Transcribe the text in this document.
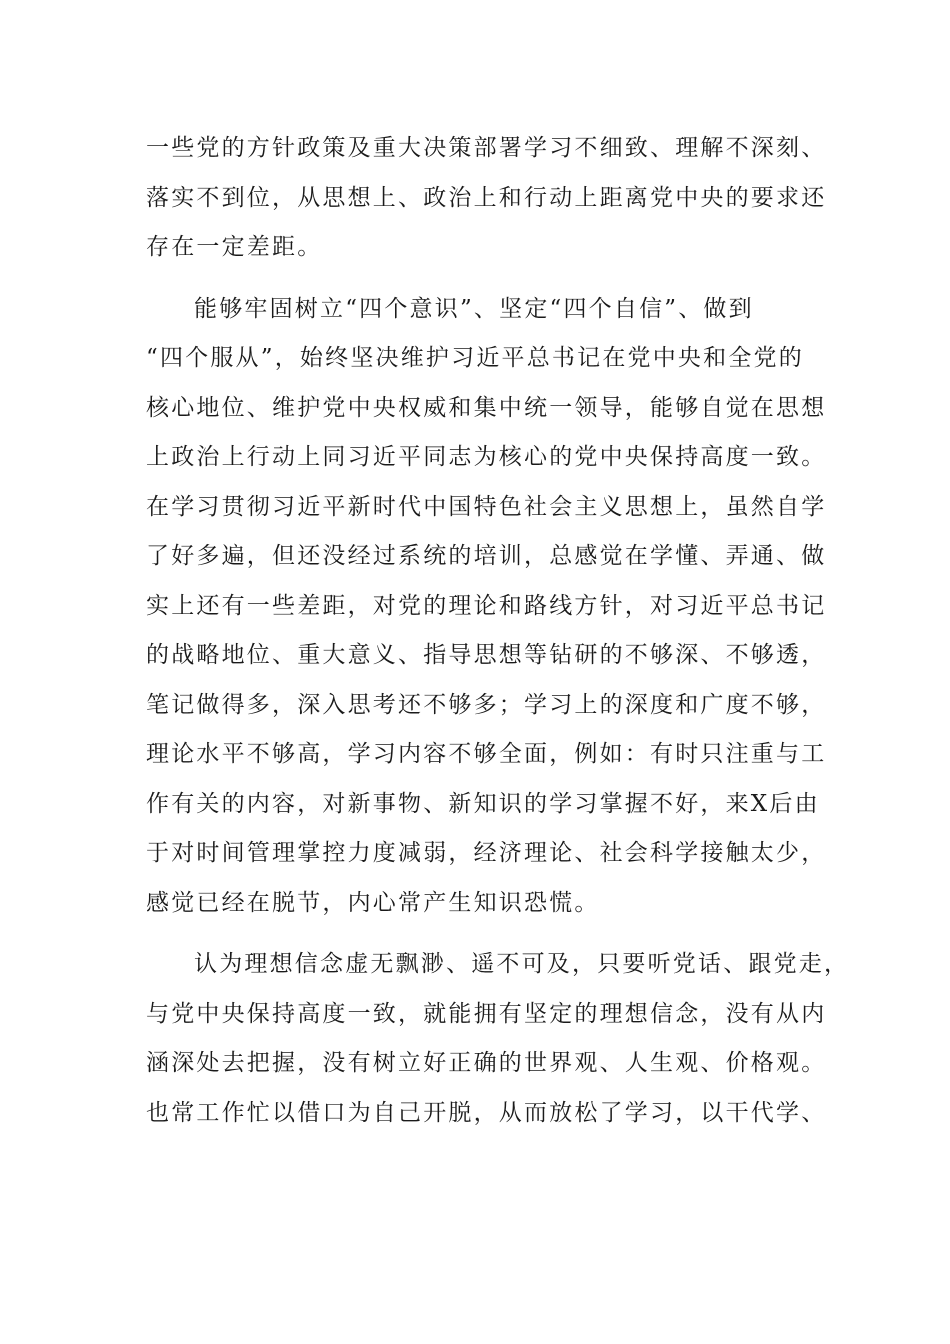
一些党的方针政策及重大决策部署学习不细致、理解不深刻、
落实不到位，从思想上、政治上和行动上距离党中央的要求还
存在一定差距。
能够牢固树立“四个意识”、坚定“四个自信”、做到
“四个服从”，始终坚决维护习近平总书记在党中央和全党的
核心地位、维护党中央权威和集中统一领导，能够自觉在思想
上政治上行动上同习近平同志为核心的党中央保持高度一致。
在学习贯彻习近平新时代中国特色社会主义思想上，虽然自学
了好多遍，但还没经过系统的培训，总感觉在学懂、弄通、做
实上还有一些差距，对党的理论和路线方针，对习近平总书记
的战略地位、重大意义、指导思想等钻研的不够深、不够透，
笔记做得多，深入思考还不够多；学习上的深度和广度不够，
理论水平不够高，学习内容不够全面，例如：有时只注重与工
作有关的内容，对新事物、新知识的学习掌握不好，来X后由
于对时间管理掌控力度减弱，经济理论、社会科学接触太少，
感觉已经在脱节，内心常产生知识恐慌。
认为理想信念虚无飘渺、遥不可及，只要听党话、跟党走，
与党中央保持高度一致，就能拥有坚定的理想信念，没有从内
涵深处去把握，没有树立好正确的世界观、人生观、价格观。
也常工作忙以借口为自己开脱，从而放松了学习，以干代学、
